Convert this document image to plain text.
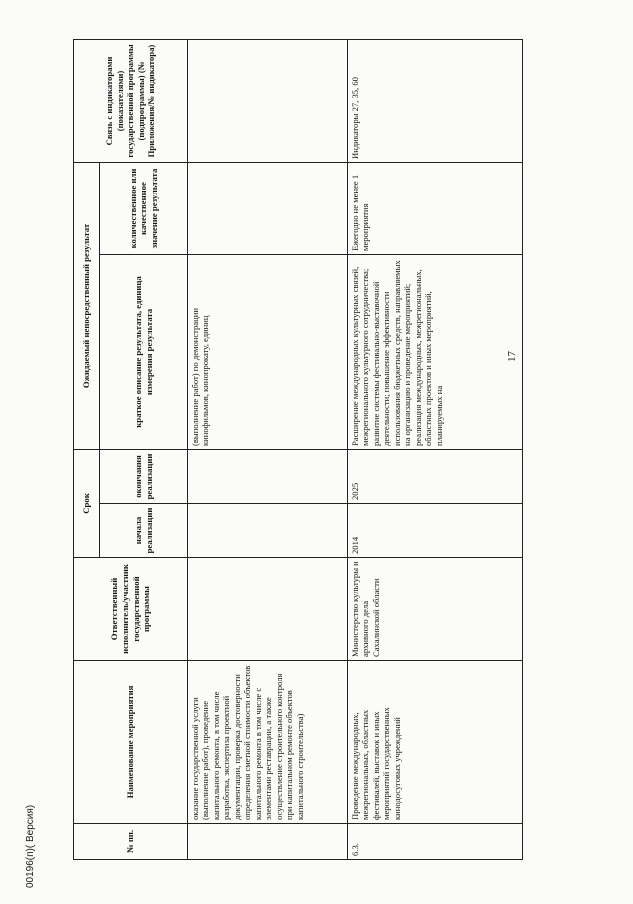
№ пп.	Наименование мероприятия	Ответственный исполнитель/участник государственной программы	Срок		Ожидаемый непосредственный результат		Связь с индикаторами (показателями) государственной программы (подпрограммы) (№ Приложения/№ индикатора)
			начала реализации	окончания реализации	краткое описание результата, единица измерения результата	количественное или качественное значение результата	
	оказание государственной услуги (выполнение работ), проведение капитального ремонта, в том числе разработка, экспертиза проектной документации, проверка достоверности определения сметной стоимости объектов капитального ремонта в том числе с элементами реставрации, а также осуществление строительного контроля при капитальном ремонте объектов капитального строительства)				(выполнение работ) по демонстрации кинофильмов, кинопрокату, единиц		
6.3.	Проведение международных, межрегиональных, областных фестивалей, выставок и иных мероприятий государственных кинодосуговых учреждений	Министерство культуры и архивного дела Сахалинской области	2014	2025	Расширение международных культурных связей, межрегионального культурного сотрудничества; развитие системы фестивально-выставочной деятельности; повышение эффективности использования бюджетных средств, направляемых на организацию и проведение мероприятий; реализация международных, межрегиональных, областных проектов и иных мероприятий, планируемых на	Ежегодно не менее 1 мероприятия	Индикаторы 27, 35, 60
17
00196(п)( Версия)
